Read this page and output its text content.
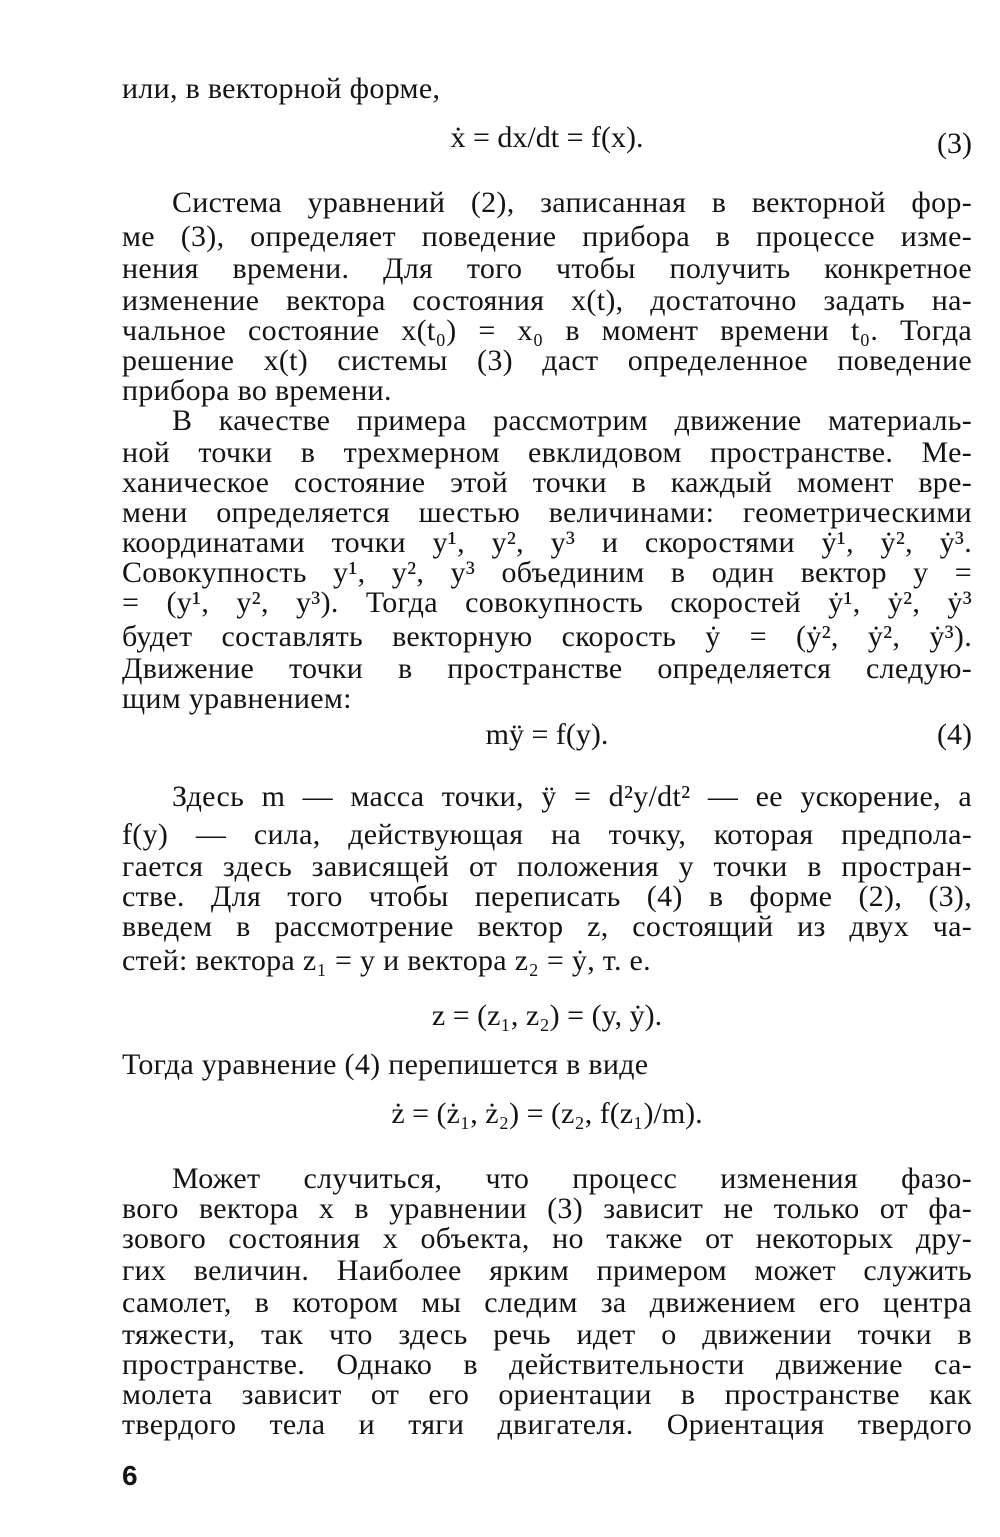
или, в векторной форме,
Система уравнений (2), записанная в векторной фор-
ме (3), определяет поведение прибора в процессе изме-
нения времени. Для того чтобы получить конкретное
изменение вектора состояния x(t), достаточно задать на-
чальное состояние x(t₀) = x₀ в момент времени t₀. Тогда
решение x(t) системы (3) даст определенное поведение
прибора во времени.
В качестве примера рассмотрим движение материаль-
ной точки в трехмерном евклидовом пространстве. Ме-
ханическое состояние этой точки в каждый момент вре-
мени определяется шестью величинами: геометрическими
координатами точки y¹, y², y³ и скоростями ẏ¹, ẏ², ẏ³.
Совокупность y¹, y², y³ объединим в один вектор y =
= (y¹, y², y³). Тогда совокупность скоростей ẏ¹, ẏ², ẏ³
будет составлять векторную скорость ẏ = (ẏ², ẏ², ẏ³).
Движение точки в пространстве определяется следую-
щим уравнением:
Здесь m — масса точки, ÿ = d²y/dt² — ее ускорение, а
f(y) — сила, действующая на точку, которая предпола-
гается здесь зависящей от положения y точки в простран-
стве. Для того чтобы переписать (4) в форме (2), (3),
введем в рассмотрение вектор z, состоящий из двух ча-
стей: вектора z₁ = y и вектора z₂ = ẏ, т. е.
Тогда уравнение (4) перепишется в виде
Может случиться, что процесс изменения фазо-
вого вектора x в уравнении (3) зависит не только от фа-
зового состояния x объекта, но также от некоторых дру-
гих величин. Наиболее ярким примером может служить
самолет, в котором мы следим за движением его центра
тяжести, так что здесь речь идет о движении точки в
пространстве. Однако в действительности движение са-
молета зависит от его ориентации в пространстве как
твердого тела и тяги двигателя. Ориентация твердого
ẋ = dx/dt = f(x).	(3)
mÿ = f(y).	(4)
z = (z₁, z₂) = (y, ẏ).
ż = (ż₁, ż₂) = (z₂, f(z₁)/m).
6
